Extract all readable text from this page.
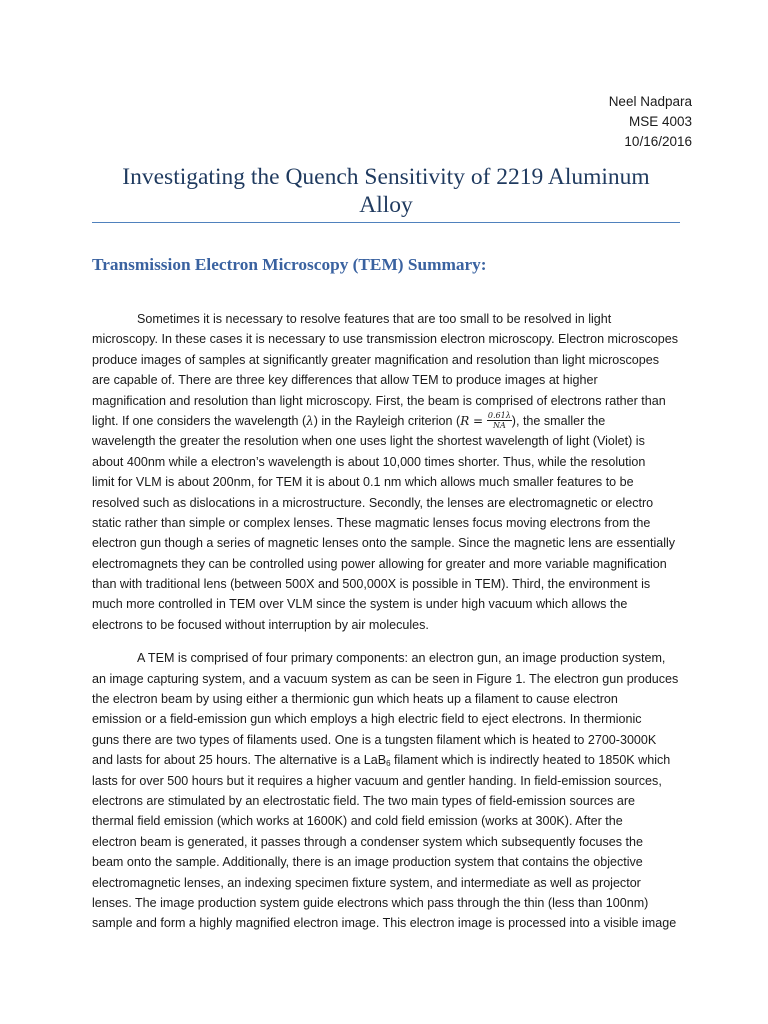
Neel Nadpara
MSE 4003
10/16/2016
Investigating the Quench Sensitivity of 2219 Aluminum
Alloy
Transmission Electron Microscopy (TEM) Summary:
Sometimes it is necessary to resolve features that are too small to be resolved in light
microscopy. In these cases it is necessary to use transmission electron microscopy. Electron microscopes
produce images of samples at significantly greater magnification and resolution than light microscopes
are capable of. There are three key differences that allow TEM to produce images at higher
magnification and resolution than light microscopy. First, the beam is comprised of electrons rather than
light. If one considers the wavelength (λ) in the Rayleigh criterion ($R = \frac{0.61\lambda}{NA}$ ), the smaller the
wavelength the greater the resolution when one uses light the shortest wavelength of light (Violet) is
about 400nm while a electron’s wavelength is about 10,000 times shorter. Thus, while the resolution
limit for VLM is about 200nm, for TEM it is about 0.1 nm which allows much smaller features to be
resolved such as dislocations in a microstructure. Secondly, the lenses are electromagnetic or electro
static rather than simple or complex lenses. These magmatic lenses focus moving electrons from the
electron gun though a series of magnetic lenses onto the sample. Since the magnetic lens are essentially
electromagnets they can be controlled using power allowing for greater and more variable magnification
than with traditional lens (between 500X and 500,000X is possible in TEM). Third, the environment is
much more controlled in TEM over VLM since the system is under high vacuum which allows the
electrons to be focused without interruption by air molecules.
A TEM is comprised of four primary components: an electron gun, an image production system,
an image capturing system, and a vacuum system as can be seen in Figure 1. The electron gun produces
the electron beam by using either a thermionic gun which heats up a filament to cause electron
emission or a field-emission gun which employs a high electric field to eject electrons. In thermionic
guns there are two types of filaments used. One is a tungsten filament which is heated to 2700-3000K
and lasts for about 25 hours. The alternative is a LaB$_6$ filament which is indirectly heated to 1850K which
lasts for over 500 hours but it requires a higher vacuum and gentler handing. In field-emission sources,
electrons are stimulated by an electrostatic field. The two main types of field-emission sources are
thermal field emission (which works at 1600K) and cold field emission (works at 300K). After the
electron beam is generated, it passes through a condenser system which subsequently focuses the
beam onto the sample. Additionally, there is an image production system that contains the objective
electromagnetic lenses, an indexing specimen fixture system, and intermediate as well as projector
lenses. The image production system guide electrons which pass through the thin (less than 100nm)
sample and form a highly magnified electron image. This electron image is processed into a visible image
